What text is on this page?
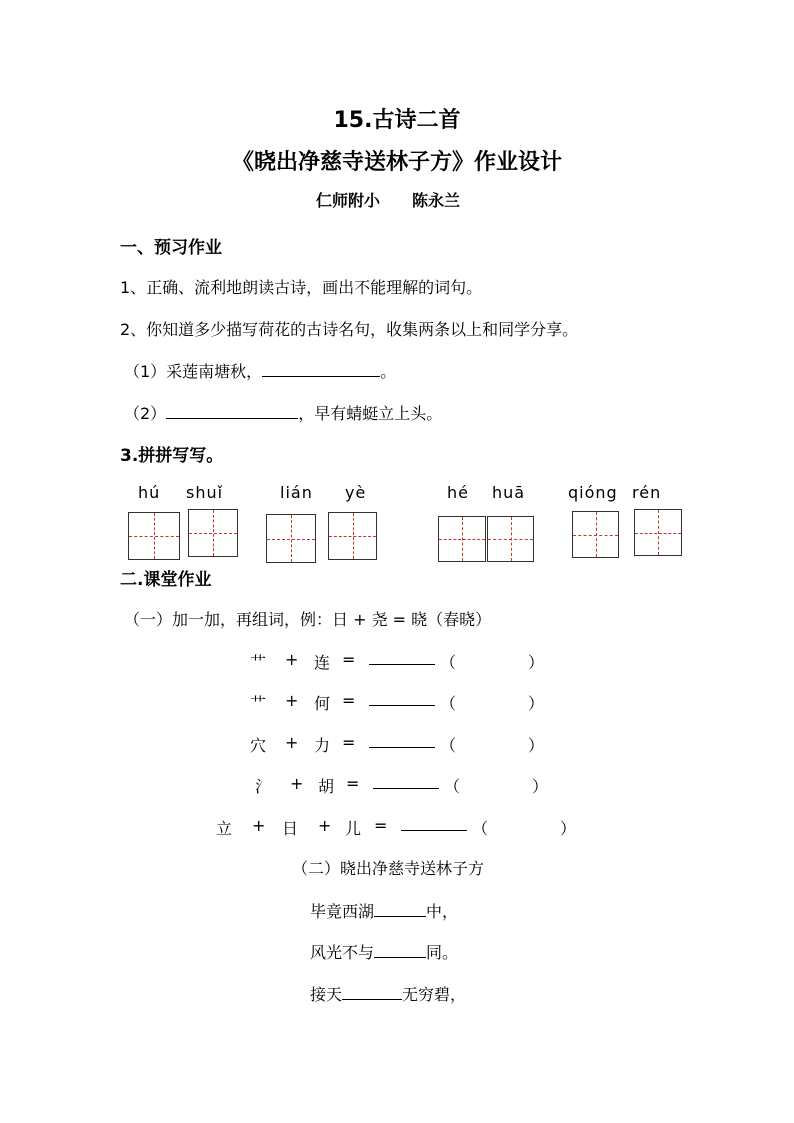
15.古诗二首
《晓出净慈寺送林子方》作业设计
仁师附小 陈永兰
一、预习作业
1、正确、流利地朗读古诗，画出不能理解的词句。
2、你知道多少描写荷花的古诗名句，收集两条以上和同学分享。
（1）采莲南塘秋，	。
（2）	，早有蜻蜓立上头。
3.拼拼写写。
hú shuǐ	lián yè	hé huā	qióng rén
二.课堂作业
（一）加一加，再组词，例：日 + 尧 = 晓（春晓）
艹 + 连 =	（	）
艹 + 何 =	（	）
穴 + 力 =	（	）
氵 + 胡 =	（	）
立 + 日 + 儿 =	（	）
（二）晓出净慈寺送林子方
毕竟西湖	中，
风光不与	同。
接天	无穷碧，
